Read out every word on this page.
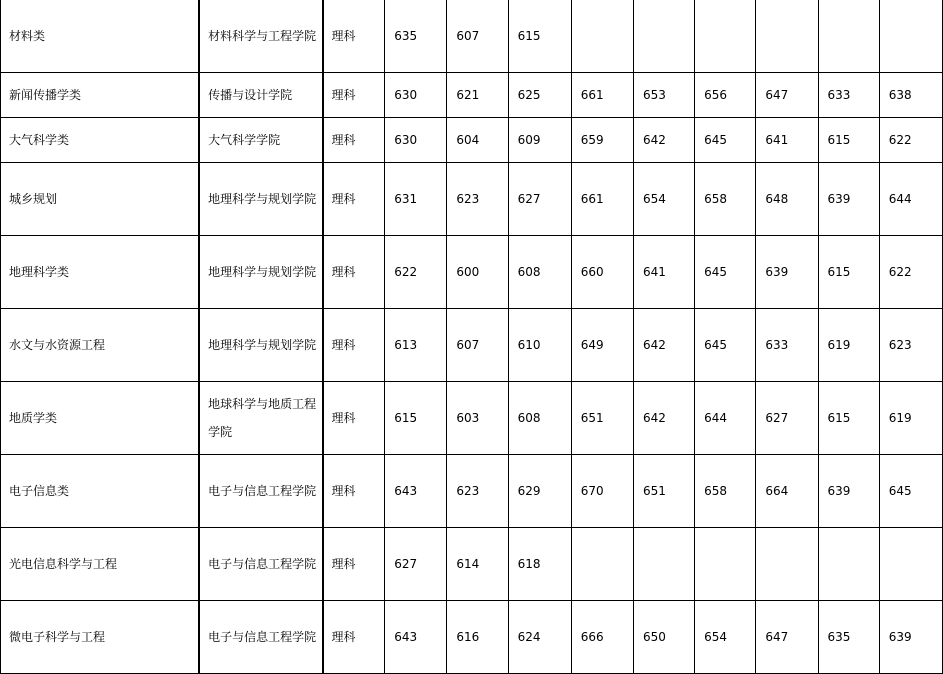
材料类	材料科学与工程学院	理科	635	607	615						
新闻传播学类	传播与设计学院	理科	630	621	625	661	653	656	647	633	638
大气科学类	大气科学学院	理科	630	604	609	659	642	645	641	615	622
城乡规划	地理科学与规划学院	理科	631	623	627	661	654	658	648	639	644
地理科学类	地理科学与规划学院	理科	622	600	608	660	641	645	639	615	622
水文与水资源工程	地理科学与规划学院	理科	613	607	610	649	642	645	633	619	623
地质学类	地球科学与地质工程学院	理科	615	603	608	651	642	644	627	615	619
电子信息类	电子与信息工程学院	理科	643	623	629	670	651	658	664	639	645
光电信息科学与工程	电子与信息工程学院	理科	627	614	618						
微电子科学与工程	电子与信息工程学院	理科	643	616	624	666	650	654	647	635	639
